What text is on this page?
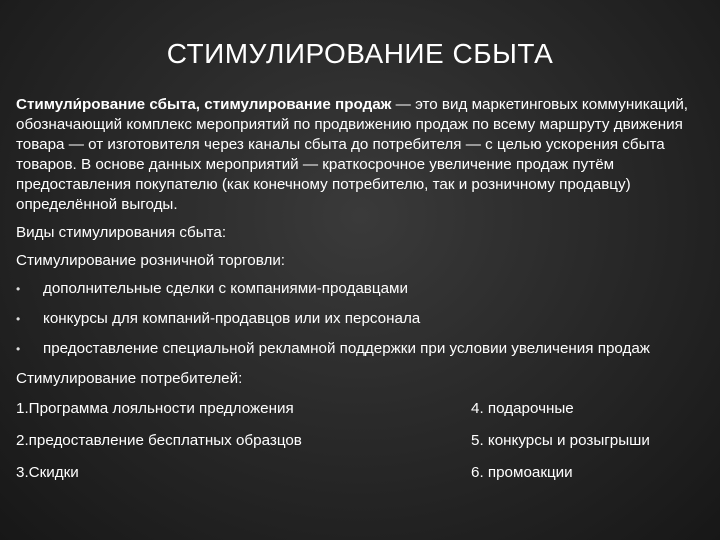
СТИМУЛИРОВАНИЕ СБЫТА

Стимули́рование сбыта, стимулирование продаж — это вид маркетинговых коммуникаций, обозначающий комплекс мероприятий по продвижению продаж по всему маршруту движения товара — от изготовителя через каналы сбыта до потребителя — с целью ускорения сбыта товаров. В основе данных мероприятий — краткосрочное увеличение продаж путём предоставления покупателю (как конечному потребителю, так и розничному продавцу) определённой выгоды.

Виды стимулирования сбыта:

Стимулирование розничной торговли:

• дополнительные сделки с компаниями-продавцами
• конкурсы для компаний-продавцов или их персонала
• предоставление специальной рекламной поддержки при условии увеличения продаж

Стимулирование потребителей:

1.Программа лояльности предложения	4. подарочные
2.предоставление бесплатных образцов	5. конкурсы и розыгрыши
3.Скидки	6. промоакции
